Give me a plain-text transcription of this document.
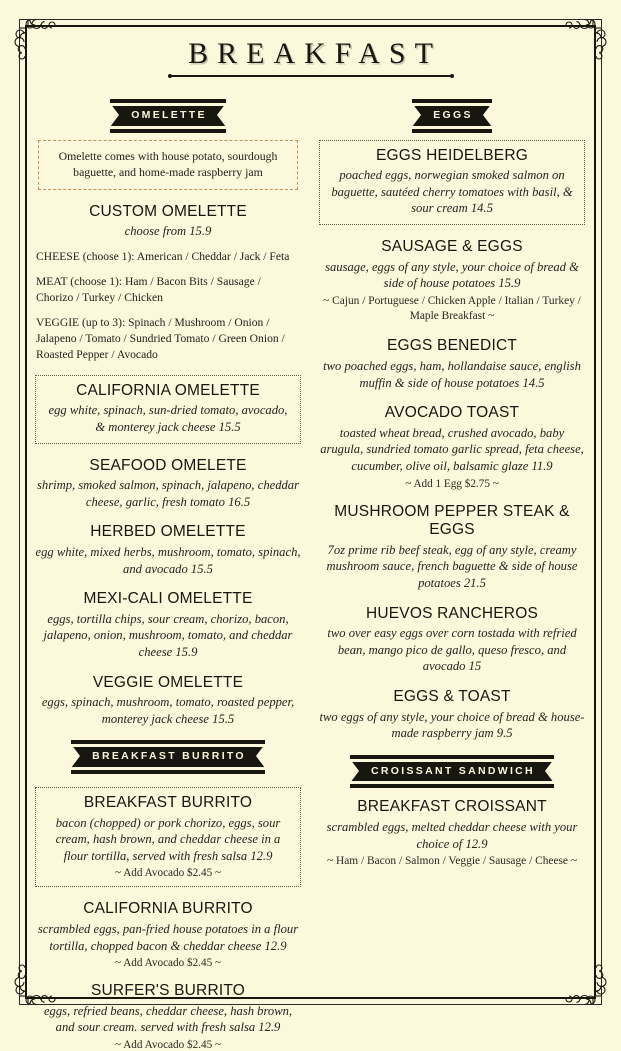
BREAKFAST
OMELETTE

Omelette comes with house potato, sourdough baguette, and home-made raspberry jam

CUSTOM OMELETTE

choose from 15.9

CHEESE (choose 1): American / Cheddar / Jack / Feta

MEAT (choose 1): Ham / Bacon Bits / Sausage / Chorizo / Turkey / Chicken

VEGGIE (up to 3): Spinach / Mushroom / Onion / Jalapeno / Tomato / Sundried Tomato / Green Onion / Roasted Pepper / Avocado

CALIFORNIA OMELETTE

egg white, spinach, sun-dried tomato, avocado, & monterey jack cheese 15.5

SEAFOOD OMELETE

shrimp, smoked salmon, spinach, jalapeno, cheddar cheese, garlic, fresh tomato 16.5

HERBED OMELETTE

egg white, mixed herbs, mushroom, tomato, spinach, and avocado 15.5

MEXI-CALI OMELETTE

eggs, tortilla chips, sour cream, chorizo, bacon, jalapeno, onion, mushroom, tomato, and cheddar cheese 15.9

VEGGIE OMELETTE

eggs, spinach, mushroom, tomato, roasted pepper, monterey jack cheese 15.5

BREAKFAST BURRITO

BREAKFAST BURRITO

bacon (chopped) or pork chorizo, eggs, sour cream, hash brown, and cheddar cheese in a flour tortilla, served with fresh salsa 12.9

~ Add Avocado $2.45 ~

CALIFORNIA BURRITO

scrambled eggs, pan-fried house potatoes in a flour tortilla, chopped bacon & cheddar cheese 12.9

~ Add Avocado $2.45 ~

SURFER'S BURRITO

eggs, refried beans, cheddar cheese, hash brown, and sour cream. served with fresh salsa 12.9

~ Add Avocado $2.45 ~

EGGS

EGGS HEIDELBERG

poached eggs, norwegian smoked salmon on baguette, sautéed cherry tomatoes with basil, & sour cream 14.5

SAUSAGE & EGGS

sausage, eggs of any style, your choice of bread & side of house potatoes 15.9

~ Cajun / Portuguese / Chicken Apple / Italian / Turkey / Maple Breakfast ~

EGGS BENEDICT

two poached eggs, ham, hollandaise sauce, english muffin & side of house potatoes 14.5

AVOCADO TOAST

toasted wheat bread, crushed avocado, baby arugula, sundried tomato garlic spread, feta cheese, cucumber, olive oil, balsamic glaze 11.9

~ Add 1 Egg $2.75 ~

MUSHROOM PEPPER STEAK & EGGS

7oz prime rib beef steak, egg of any style, creamy mushroom sauce, french baguette & side of house potatoes 21.5

HUEVOS RANCHEROS

two over easy eggs over corn tostada with refried bean, mango pico de gallo, queso fresco, and avocado 15

EGGS & TOAST

two eggs of any style, your choice of bread & house-made raspberry jam 9.5

CROISSANT SANDWICH

BREAKFAST CROISSANT

scrambled eggs, melted cheddar cheese with your choice of 12.9

~ Ham / Bacon / Salmon / Veggie / Sausage / Cheese ~
